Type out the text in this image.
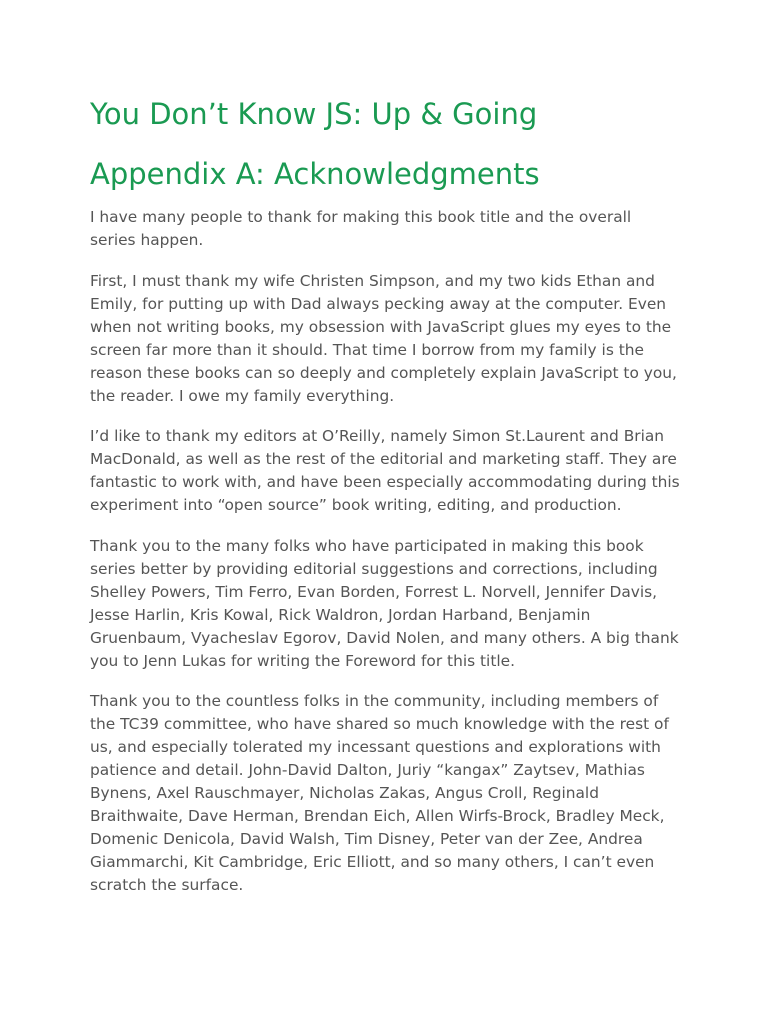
You Don’t Know JS: Up & Going
Appendix A: Acknowledgments

I have many people to thank for making this book title and the overall series happen.

First, I must thank my wife Christen Simpson, and my two kids Ethan and Emily, for putting up with Dad always pecking away at the computer. Even when not writing books, my obsession with JavaScript glues my eyes to the screen far more than it should. That time I borrow from my family is the reason these books can so deeply and completely explain JavaScript to you, the reader. I owe my family everything.

I’d like to thank my editors at O’Reilly, namely Simon St.Laurent and Brian MacDonald, as well as the rest of the editorial and marketing staff. They are fantastic to work with, and have been especially accommodating during this experiment into “open source” book writing, editing, and production.

Thank you to the many folks who have participated in making this book series better by providing editorial suggestions and corrections, including Shelley Powers, Tim Ferro, Evan Borden, Forrest L. Norvell, Jennifer Davis, Jesse Harlin, Kris Kowal, Rick Waldron, Jordan Harband, Benjamin Gruenbaum, Vyacheslav Egorov, David Nolen, and many others. A big thank you to Jenn Lukas for writing the Foreword for this title.

Thank you to the countless folks in the community, including members of the TC39 committee, who have shared so much knowledge with the rest of us, and especially tolerated my incessant questions and explorations with patience and detail. John-David Dalton, Juriy “kangax” Zaytsev, Mathias Bynens, Axel Rauschmayer, Nicholas Zakas, Angus Croll, Reginald Braithwaite, Dave Herman, Brendan Eich, Allen Wirfs-Brock, Bradley Meck, Domenic Denicola, David Walsh, Tim Disney, Peter van der Zee, Andrea Giammarchi, Kit Cambridge, Eric Elliott, and so many others, I can’t even scratch the surface.
